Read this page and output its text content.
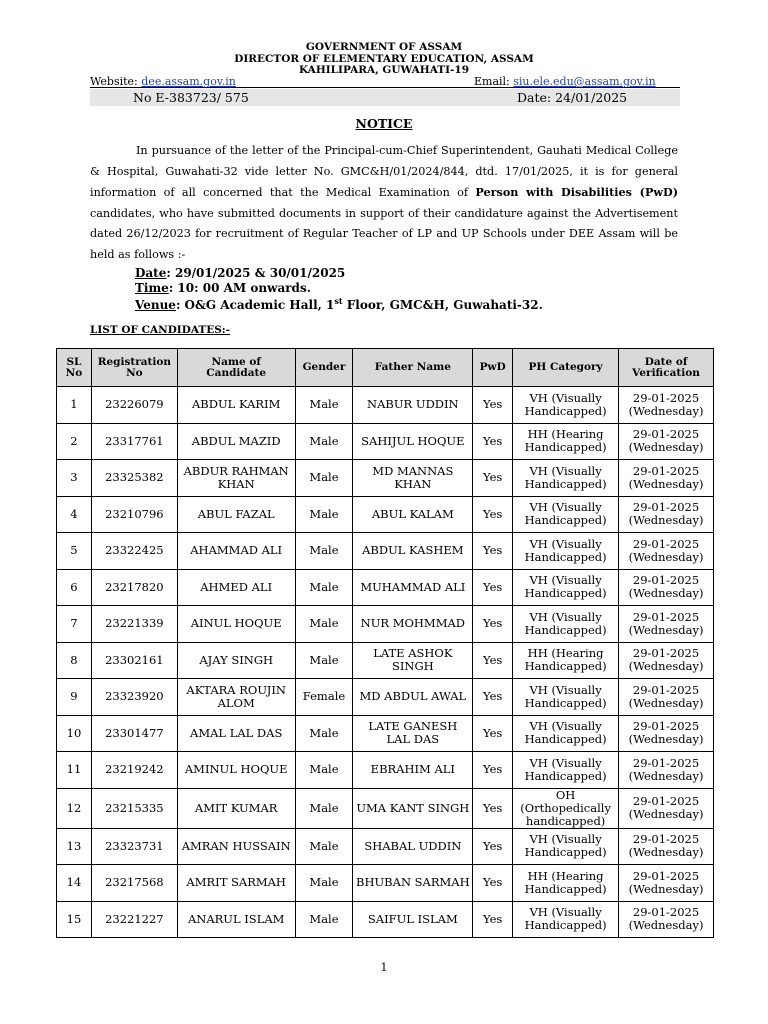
GOVERNMENT OF ASSAM
DIRECTOR OF ELEMENTARY EDUCATION, ASSAM
KAHILIPARA, GUWAHATI-19
Website: dee.assam.gov.in	Email: siu.ele.edu@assam.gov.in
No E-383723/ 575	Date: 24/01/2025
NOTICE
In pursuance of the letter of the Principal-cum-Chief Superintendent, Gauhati Medical College & Hospital, Guwahati-32 vide letter No. GMC&H/01/2024/844, dtd. 17/01/2025, it is for general information of all concerned that the Medical Examination of Person with Disabilities (PwD) candidates, who have submitted documents in support of their candidature against the Advertisement dated 26/12/2023 for recruitment of Regular Teacher of LP and UP Schools under DEE Assam will be held as follows :-
Date: 29/01/2025 & 30/01/2025
Time: 10: 00 AM onwards.
Venue: O&G Academic Hall, 1st Floor, GMC&H, Guwahati-32.
LIST OF CANDIDATES:-
SL No	Registration No	Name of Candidate	Gender	Father Name	PwD	PH Category	Date of Verification
1	23226079	ABDUL KARIM	Male	NABUR UDDIN	Yes	VH (Visually Handicapped)	29-01-2025 (Wednesday)
2	23317761	ABDUL MAZID	Male	SAHIJUL HOQUE	Yes	HH (Hearing Handicapped)	29-01-2025 (Wednesday)
3	23325382	ABDUR RAHMAN KHAN	Male	MD MANNAS KHAN	Yes	VH (Visually Handicapped)	29-01-2025 (Wednesday)
4	23210796	ABUL FAZAL	Male	ABUL KALAM	Yes	VH (Visually Handicapped)	29-01-2025 (Wednesday)
5	23322425	AHAMMAD ALI	Male	ABDUL KASHEM	Yes	VH (Visually Handicapped)	29-01-2025 (Wednesday)
6	23217820	AHMED ALI	Male	MUHAMMAD ALI	Yes	VH (Visually Handicapped)	29-01-2025 (Wednesday)
7	23221339	AINUL HOQUE	Male	NUR MOHMMAD	Yes	VH (Visually Handicapped)	29-01-2025 (Wednesday)
8	23302161	AJAY SINGH	Male	LATE ASHOK SINGH	Yes	HH (Hearing Handicapped)	29-01-2025 (Wednesday)
9	23323920	AKTARA ROUJIN ALOM	Female	MD ABDUL AWAL	Yes	VH (Visually Handicapped)	29-01-2025 (Wednesday)
10	23301477	AMAL LAL DAS	Male	LATE GANESH LAL DAS	Yes	VH (Visually Handicapped)	29-01-2025 (Wednesday)
11	23219242	AMINUL HOQUE	Male	EBRAHIM ALI	Yes	VH (Visually Handicapped)	29-01-2025 (Wednesday)
12	23215335	AMIT KUMAR	Male	UMA KANT SINGH	Yes	OH (Orthopedically handicapped)	29-01-2025 (Wednesday)
13	23323731	AMRAN HUSSAIN	Male	SHABAL UDDIN	Yes	VH (Visually Handicapped)	29-01-2025 (Wednesday)
14	23217568	AMRIT SARMAH	Male	BHUBAN SARMAH	Yes	HH (Hearing Handicapped)	29-01-2025 (Wednesday)
15	23221227	ANARUL ISLAM	Male	SAIFUL ISLAM	Yes	VH (Visually Handicapped)	29-01-2025 (Wednesday)
1
